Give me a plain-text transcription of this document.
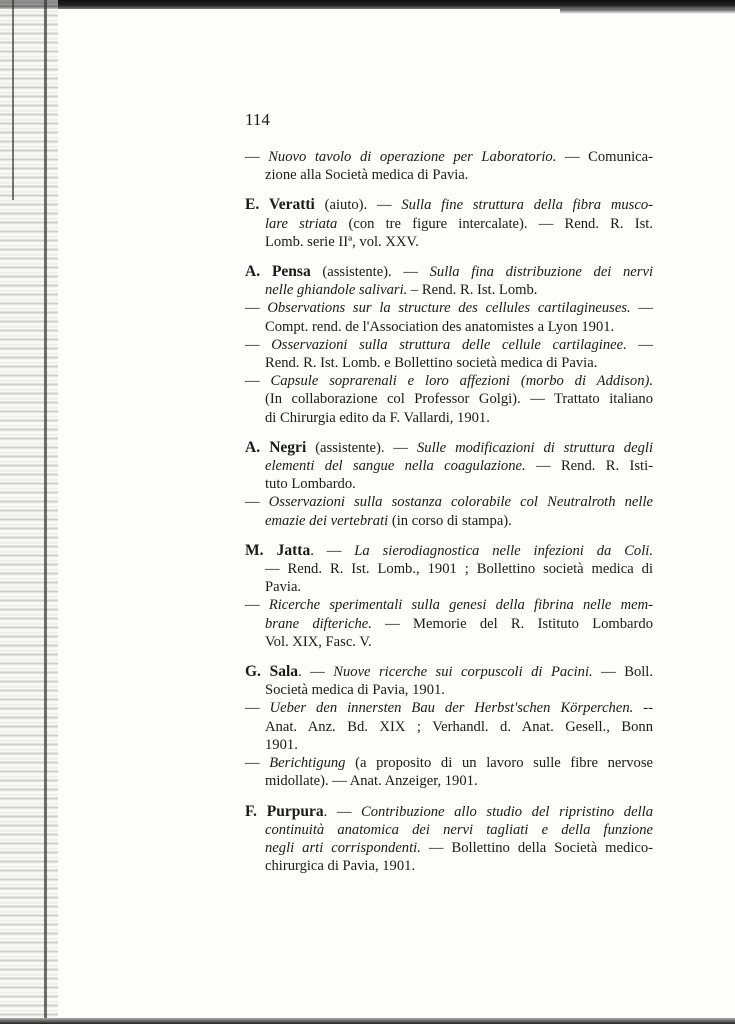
114
— Nuovo tavolo di operazione per Laboratorio. — Comunica-
zione alla Società medica di Pavia.
E. Veratti (aiuto). — Sulla fine struttura della fibra musco-
lare striata (con tre figure intercalate). — Rend. R. Ist.
Lomb. serie IIª, vol. XXV.
A. Pensa (assistente). — Sulla fina distribuzione dei nervi
nelle ghiandole salivari. – Rend. R. Ist. Lomb.
— Observations sur la structure des cellules cartilagineuses. —
Compt. rend. de l'Association des anatomistes a Lyon 1901.
— Osservazioni sulla struttura delle cellule cartilaginee. —
Rend. R. Ist. Lomb. e Bollettino società medica di Pavia.
— Capsule soprarenali e loro affezioni (morbo di Addison).
(In collaborazione col Professor Golgi). — Trattato italiano
di Chirurgia edito da F. Vallardi, 1901.
A. Negri (assistente). — Sulle modificazioni di struttura degli
elementi del sangue nella coagulazione. — Rend. R. Isti-
tuto Lombardo.
— Osservazioni sulla sostanza colorabile col Neutralroth nelle
emazie dei vertebrati (in corso di stampa).
M. Jatta. — La sierodiagnostica nelle infezioni da Coli.
— Rend. R. Ist. Lomb., 1901 ; Bollettino società medica di
Pavia.
— Ricerche sperimentali sulla genesi della fibrina nelle mem-
brane difteriche. — Memorie del R. Istituto Lombardo
Vol. XIX, Fasc. V.
G. Sala. — Nuove ricerche sui corpuscoli di Pacini. — Boll.
Società medica di Pavia, 1901.
— Ueber den innersten Bau der Herbst'schen Körperchen. --
Anat. Anz. Bd. XIX ; Verhandl. d. Anat. Gesell., Bonn
1901.
— Berichtigung (a proposito di un lavoro sulle fibre nervose
midollate). — Anat. Anzeiger, 1901.
F. Purpura. — Contribuzione allo studio del ripristino della
continuità anatomica dei nervi tagliati e della funzione
negli arti corrispondenti. — Bollettino della Società medico-
chirurgica di Pavia, 1901.
